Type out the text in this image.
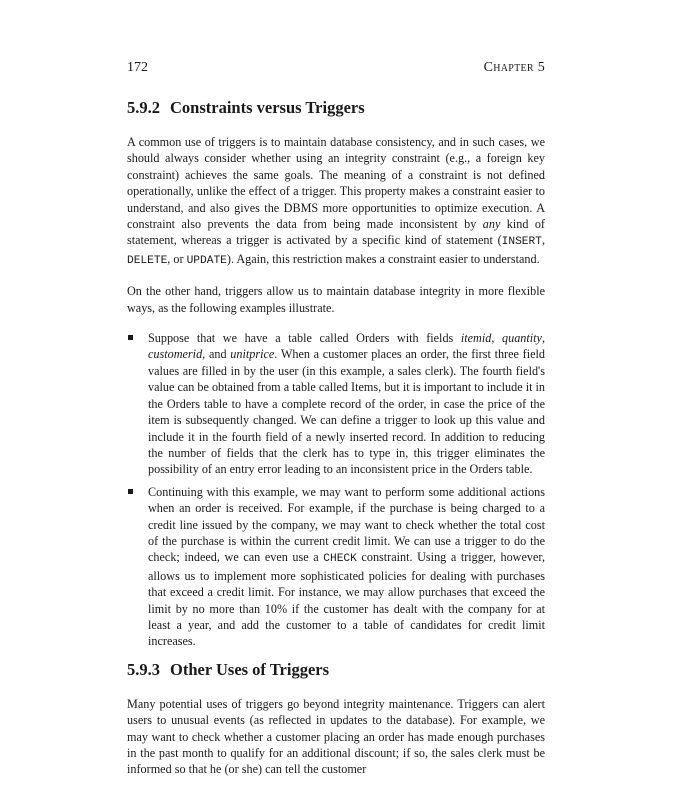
172	Chapter 5
5.9.2 Constraints versus Triggers

A common use of triggers is to maintain database consistency, and in such cases, we should always consider whether using an integrity constraint (e.g., a foreign key constraint) achieves the same goals. The meaning of a constraint is not defined operationally, unlike the effect of a trigger. This property makes a constraint easier to understand, and also gives the DBMS more opportunities to optimize execution. A constraint also prevents the data from being made inconsistent by any kind of statement, whereas a trigger is activated by a specific kind of statement (INSERT, DELETE, or UPDATE). Again, this restriction makes a constraint easier to understand.

On the other hand, triggers allow us to maintain database integrity in more flexible ways, as the following examples illustrate.

Suppose that we have a table called Orders with fields itemid, quantity, customerid, and unitprice. When a customer places an order, the first three field values are filled in by the user (in this example, a sales clerk). The fourth field's value can be obtained from a table called Items, but it is important to include it in the Orders table to have a complete record of the order, in case the price of the item is subsequently changed. We can define a trigger to look up this value and include it in the fourth field of a newly inserted record. In addition to reducing the number of fields that the clerk has to type in, this trigger eliminates the possibility of an entry error leading to an inconsistent price in the Orders table.
Continuing with this example, we may want to perform some additional actions when an order is received. For example, if the purchase is being charged to a credit line issued by the company, we may want to check whether the total cost of the purchase is within the current credit limit. We can use a trigger to do the check; indeed, we can even use a CHECK constraint. Using a trigger, however, allows us to implement more sophisticated policies for dealing with purchases that exceed a credit limit. For instance, we may allow purchases that exceed the limit by no more than 10% if the customer has dealt with the company for at least a year, and add the customer to a table of candidates for credit limit increases.
5.9.3 Other Uses of Triggers

Many potential uses of triggers go beyond integrity maintenance. Triggers can alert users to unusual events (as reflected in updates to the database). For example, we may want to check whether a customer placing an order has made enough purchases in the past month to qualify for an additional discount; if so, the sales clerk must be informed so that he (or she) can tell the customer
